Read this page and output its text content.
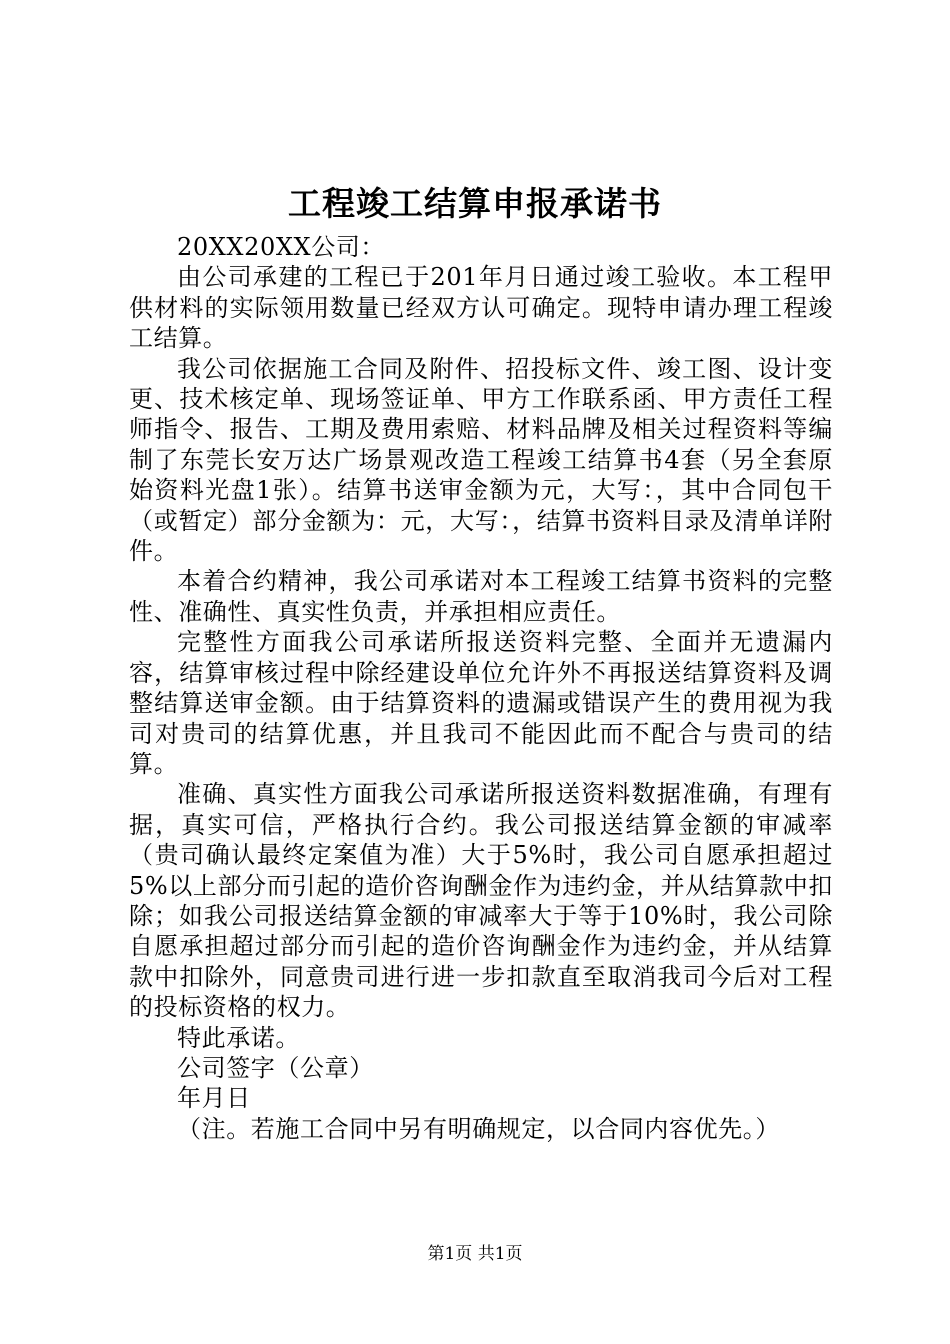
工程竣工结算申报承诺书

20XX20XX公司：

由公司承建的工程已于201年月日通过竣工验收。本工程甲供材料的实际领用数量已经双方认可确定。现特申请办理工程竣工结算。

我公司依据施工合同及附件、招投标文件、竣工图、设计变更、技术核定单、现场签证单、甲方工作联系函、甲方责任工程师指令、报告、工期及费用索赔、材料品牌及相关过程资料等编制了东莞长安万达广场景观改造工程竣工结算书4套（另全套原始资料光盘1张）。结算书送审金额为元，大写：，其中合同包干（或暂定）部分金额为：元，大写：，结算书资料目录及清单详附件。

本着合约精神，我公司承诺对本工程竣工结算书资料的完整性、准确性、真实性负责，并承担相应责任。

完整性方面我公司承诺所报送资料完整、全面并无遗漏内容，结算审核过程中除经建设单位允许外不再报送结算资料及调整结算送审金额。由于结算资料的遗漏或错误产生的费用视为我司对贵司的结算优惠，并且我司不能因此而不配合与贵司的结算。

准确、真实性方面我公司承诺所报送资料数据准确，有理有据，真实可信，严格执行合约。我公司报送结算金额的审减率（贵司确认最终定案值为准）大于5%时，我公司自愿承担超过5%以上部分而引起的造价咨询酬金作为违约金，并从结算款中扣除；如我公司报送结算金额的审减率大于等于10%时，我公司除自愿承担超过部分而引起的造价咨询酬金作为违约金，并从结算款中扣除外，同意贵司进行进一步扣款直至取消我司今后对工程的投标资格的权力。

特此承诺。

公司签字（公章）

年月日

（注。若施工合同中另有明确规定，以合同内容优先。）

第1页 共1页
